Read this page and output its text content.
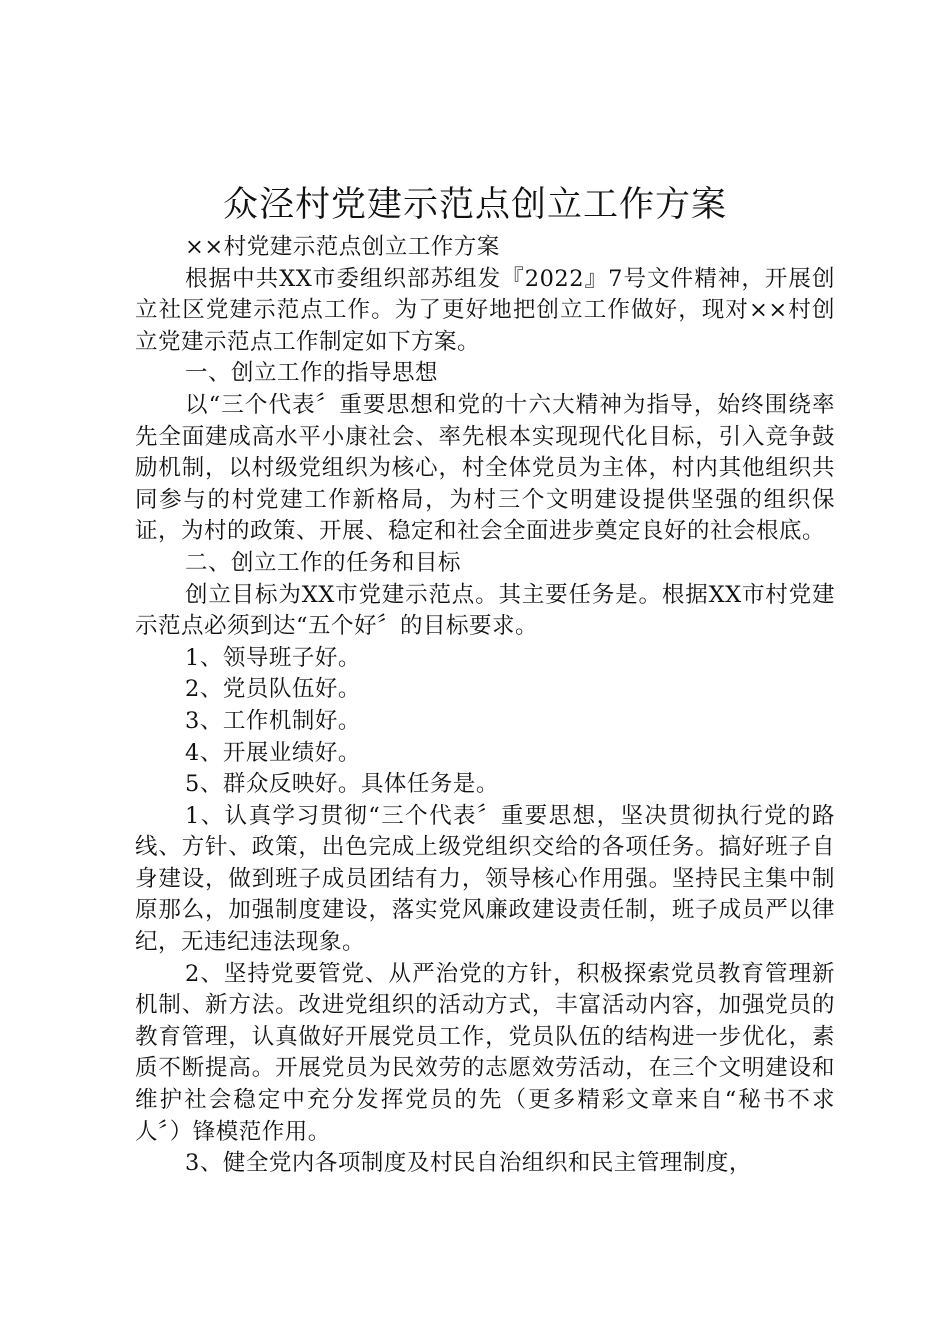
众泾村党建示范点创立工作方案

××村党建示范点创立工作方案

根据中共XX市委组织部苏组发『2022』7号文件精神，开展创立社区党建示范点工作。为了更好地把创立工作做好，现对××村创立党建示范点工作制定如下方案。

一、创立工作的指导思想

以“三个代表〞重要思想和党的十六大精神为指导，始终围绕率先全面建成高水平小康社会、率先根本实现现代化目标，引入竞争鼓励机制，以村级党组织为核心，村全体党员为主体，村内其他组织共同参与的村党建工作新格局，为村三个文明建设提供坚强的组织保证，为村的政策、开展、稳定和社会全面进步奠定良好的社会根底。

二、创立工作的任务和目标

创立目标为XX市党建示范点。其主要任务是。根据XX市村党建示范点必须到达“五个好〞的目标要求。

1、领导班子好。

2、党员队伍好。

3、工作机制好。

4、开展业绩好。

5、群众反映好。具体任务是。

1、认真学习贯彻“三个代表〞重要思想，坚决贯彻执行党的路线、方针、政策，出色完成上级党组织交给的各项任务。搞好班子自身建设，做到班子成员团结有力，领导核心作用强。坚持民主集中制原那么，加强制度建设，落实党风廉政建设责任制，班子成员严以律纪，无违纪违法现象。

2、坚持党要管党、从严治党的方针，积极探索党员教育管理新机制、新方法。改进党组织的活动方式，丰富活动内容，加强党员的教育管理，认真做好开展党员工作，党员队伍的结构进一步优化，素质不断提高。开展党员为民效劳的志愿效劳活动，在三个文明建设和维护社会稳定中充分发挥党员的先（更多精彩文章来自“秘书不求人〞）锋模范作用。

3、健全党内各项制度及村民自治组织和民主管理制度，
